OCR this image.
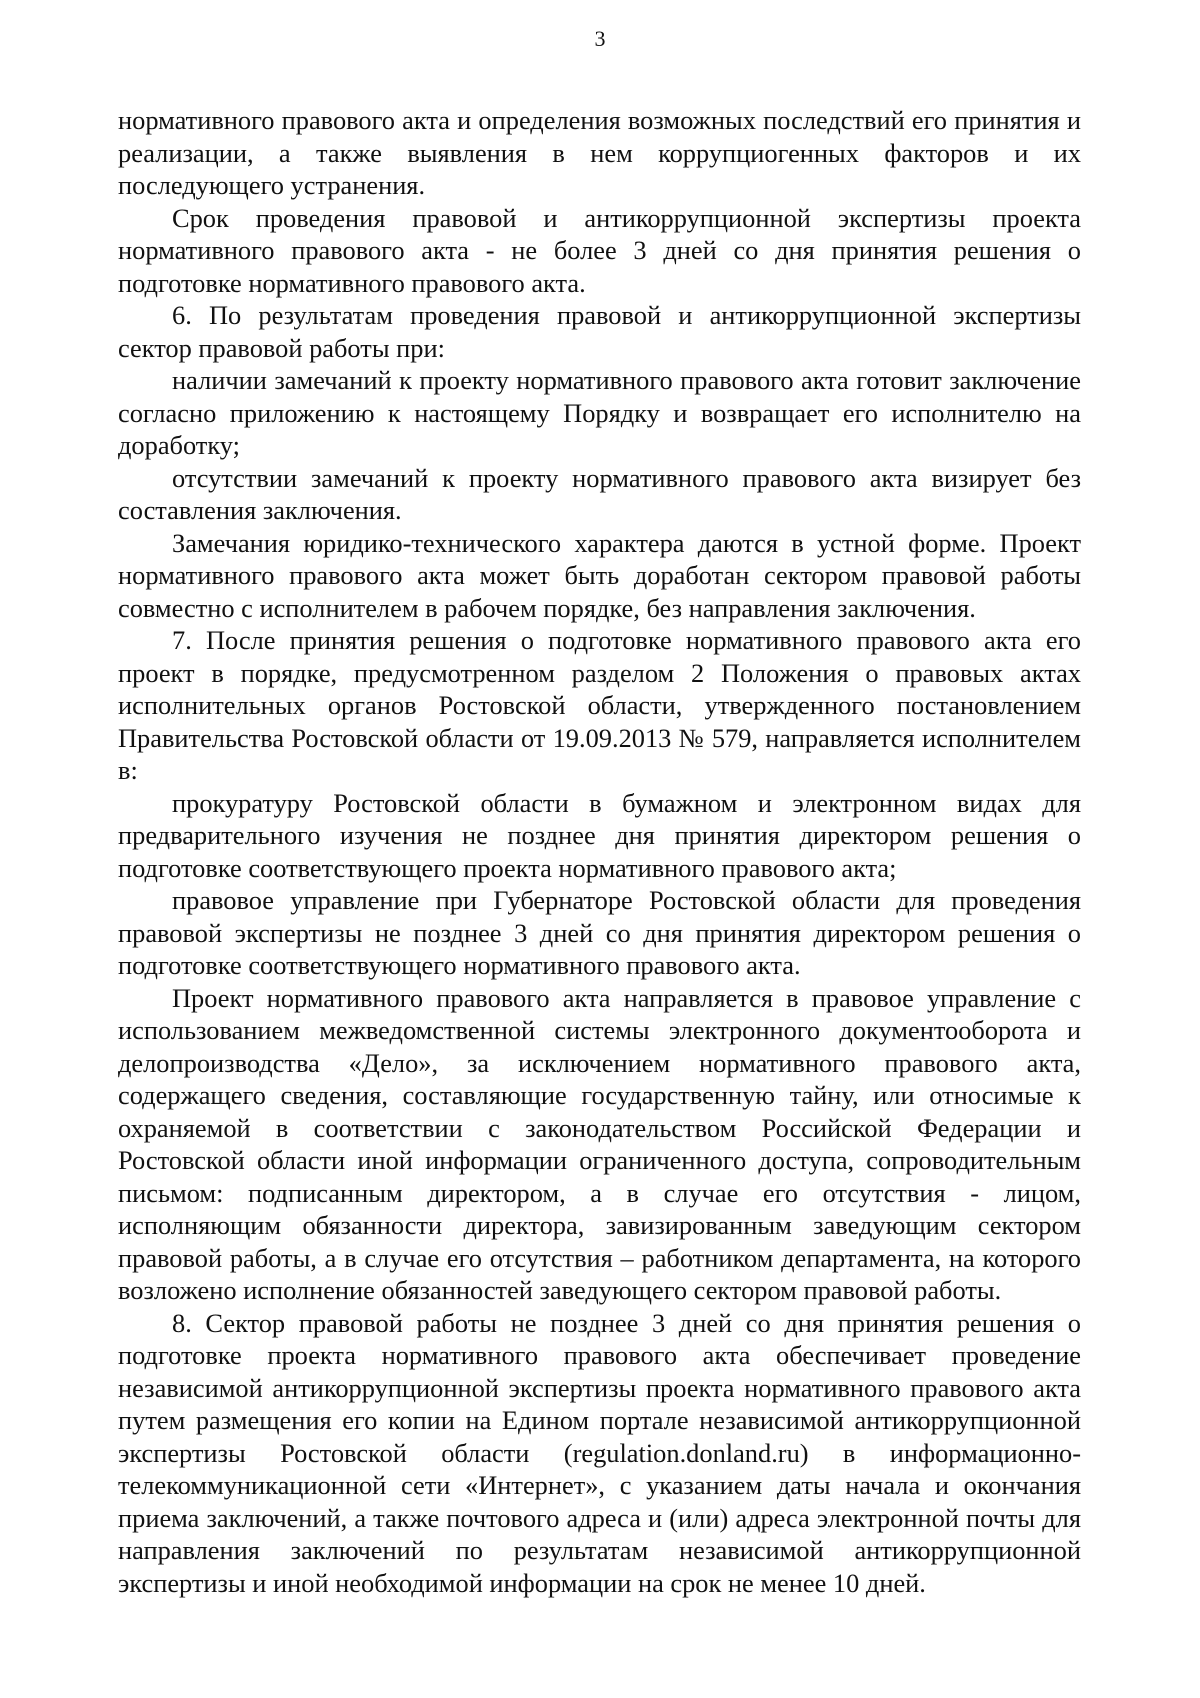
3

нормативного правового акта и определения возможных последствий его принятия и реализации, а также выявления в нем коррупциогенных факторов и их последующего устранения.

Срок проведения правовой и антикоррупционной экспертизы проекта нормативного правового акта - не более 3 дней со дня принятия решения о подготовке нормативного правового акта.

6. По результатам проведения правовой и антикоррупционной экспертизы сектор правовой работы при:

наличии замечаний к проекту нормативного правового акта готовит заключение согласно приложению к настоящему Порядку и возвращает его исполнителю на доработку;

отсутствии замечаний к проекту нормативного правового акта визирует без составления заключения.

Замечания юридико-технического характера даются в устной форме. Проект нормативного правового акта может быть доработан сектором правовой работы совместно с исполнителем в рабочем порядке, без направления заключения.

7. После принятия решения о подготовке нормативного правового акта его проект в порядке, предусмотренном разделом 2 Положения о правовых актах исполнительных органов Ростовской области, утвержденного постановлением Правительства Ростовской области от 19.09.2013 № 579, направляется исполнителем в:

прокуратуру Ростовской области в бумажном и электронном видах для предварительного изучения не позднее дня принятия директором решения о подготовке соответствующего проекта нормативного правового акта;

правовое управление при Губернаторе Ростовской области для проведения правовой экспертизы не позднее 3 дней со дня принятия директором решения о подготовке соответствующего нормативного правового акта.

Проект нормативного правового акта направляется в правовое управление с использованием межведомственной системы электронного документооборота и делопроизводства «Дело», за исключением нормативного правового акта, содержащего сведения, составляющие государственную тайну, или относимые к охраняемой в соответствии с законодательством Российской Федерации и Ростовской области иной информации ограниченного доступа, сопроводительным письмом: подписанным директором, а в случае его отсутствия - лицом, исполняющим обязанности директора, завизированным заведующим сектором правовой работы, а в случае его отсутствия – работником департамента, на которого возложено исполнение обязанностей заведующего сектором правовой работы.

8. Сектор правовой работы не позднее 3 дней со дня принятия решения о подготовке проекта нормативного правового акта обеспечивает проведение независимой антикоррупционной экспертизы проекта нормативного правового акта путем размещения его копии на Едином портале независимой антикоррупционной экспертизы Ростовской области (regulation.donland.ru) в информационно-телекоммуникационной сети «Интернет», с указанием даты начала и окончания приема заключений, а также почтового адреса и (или) адреса электронной почты для направления заключений по результатам независимой антикоррупционной экспертизы и иной необходимой информации на срок не менее 10 дней.
